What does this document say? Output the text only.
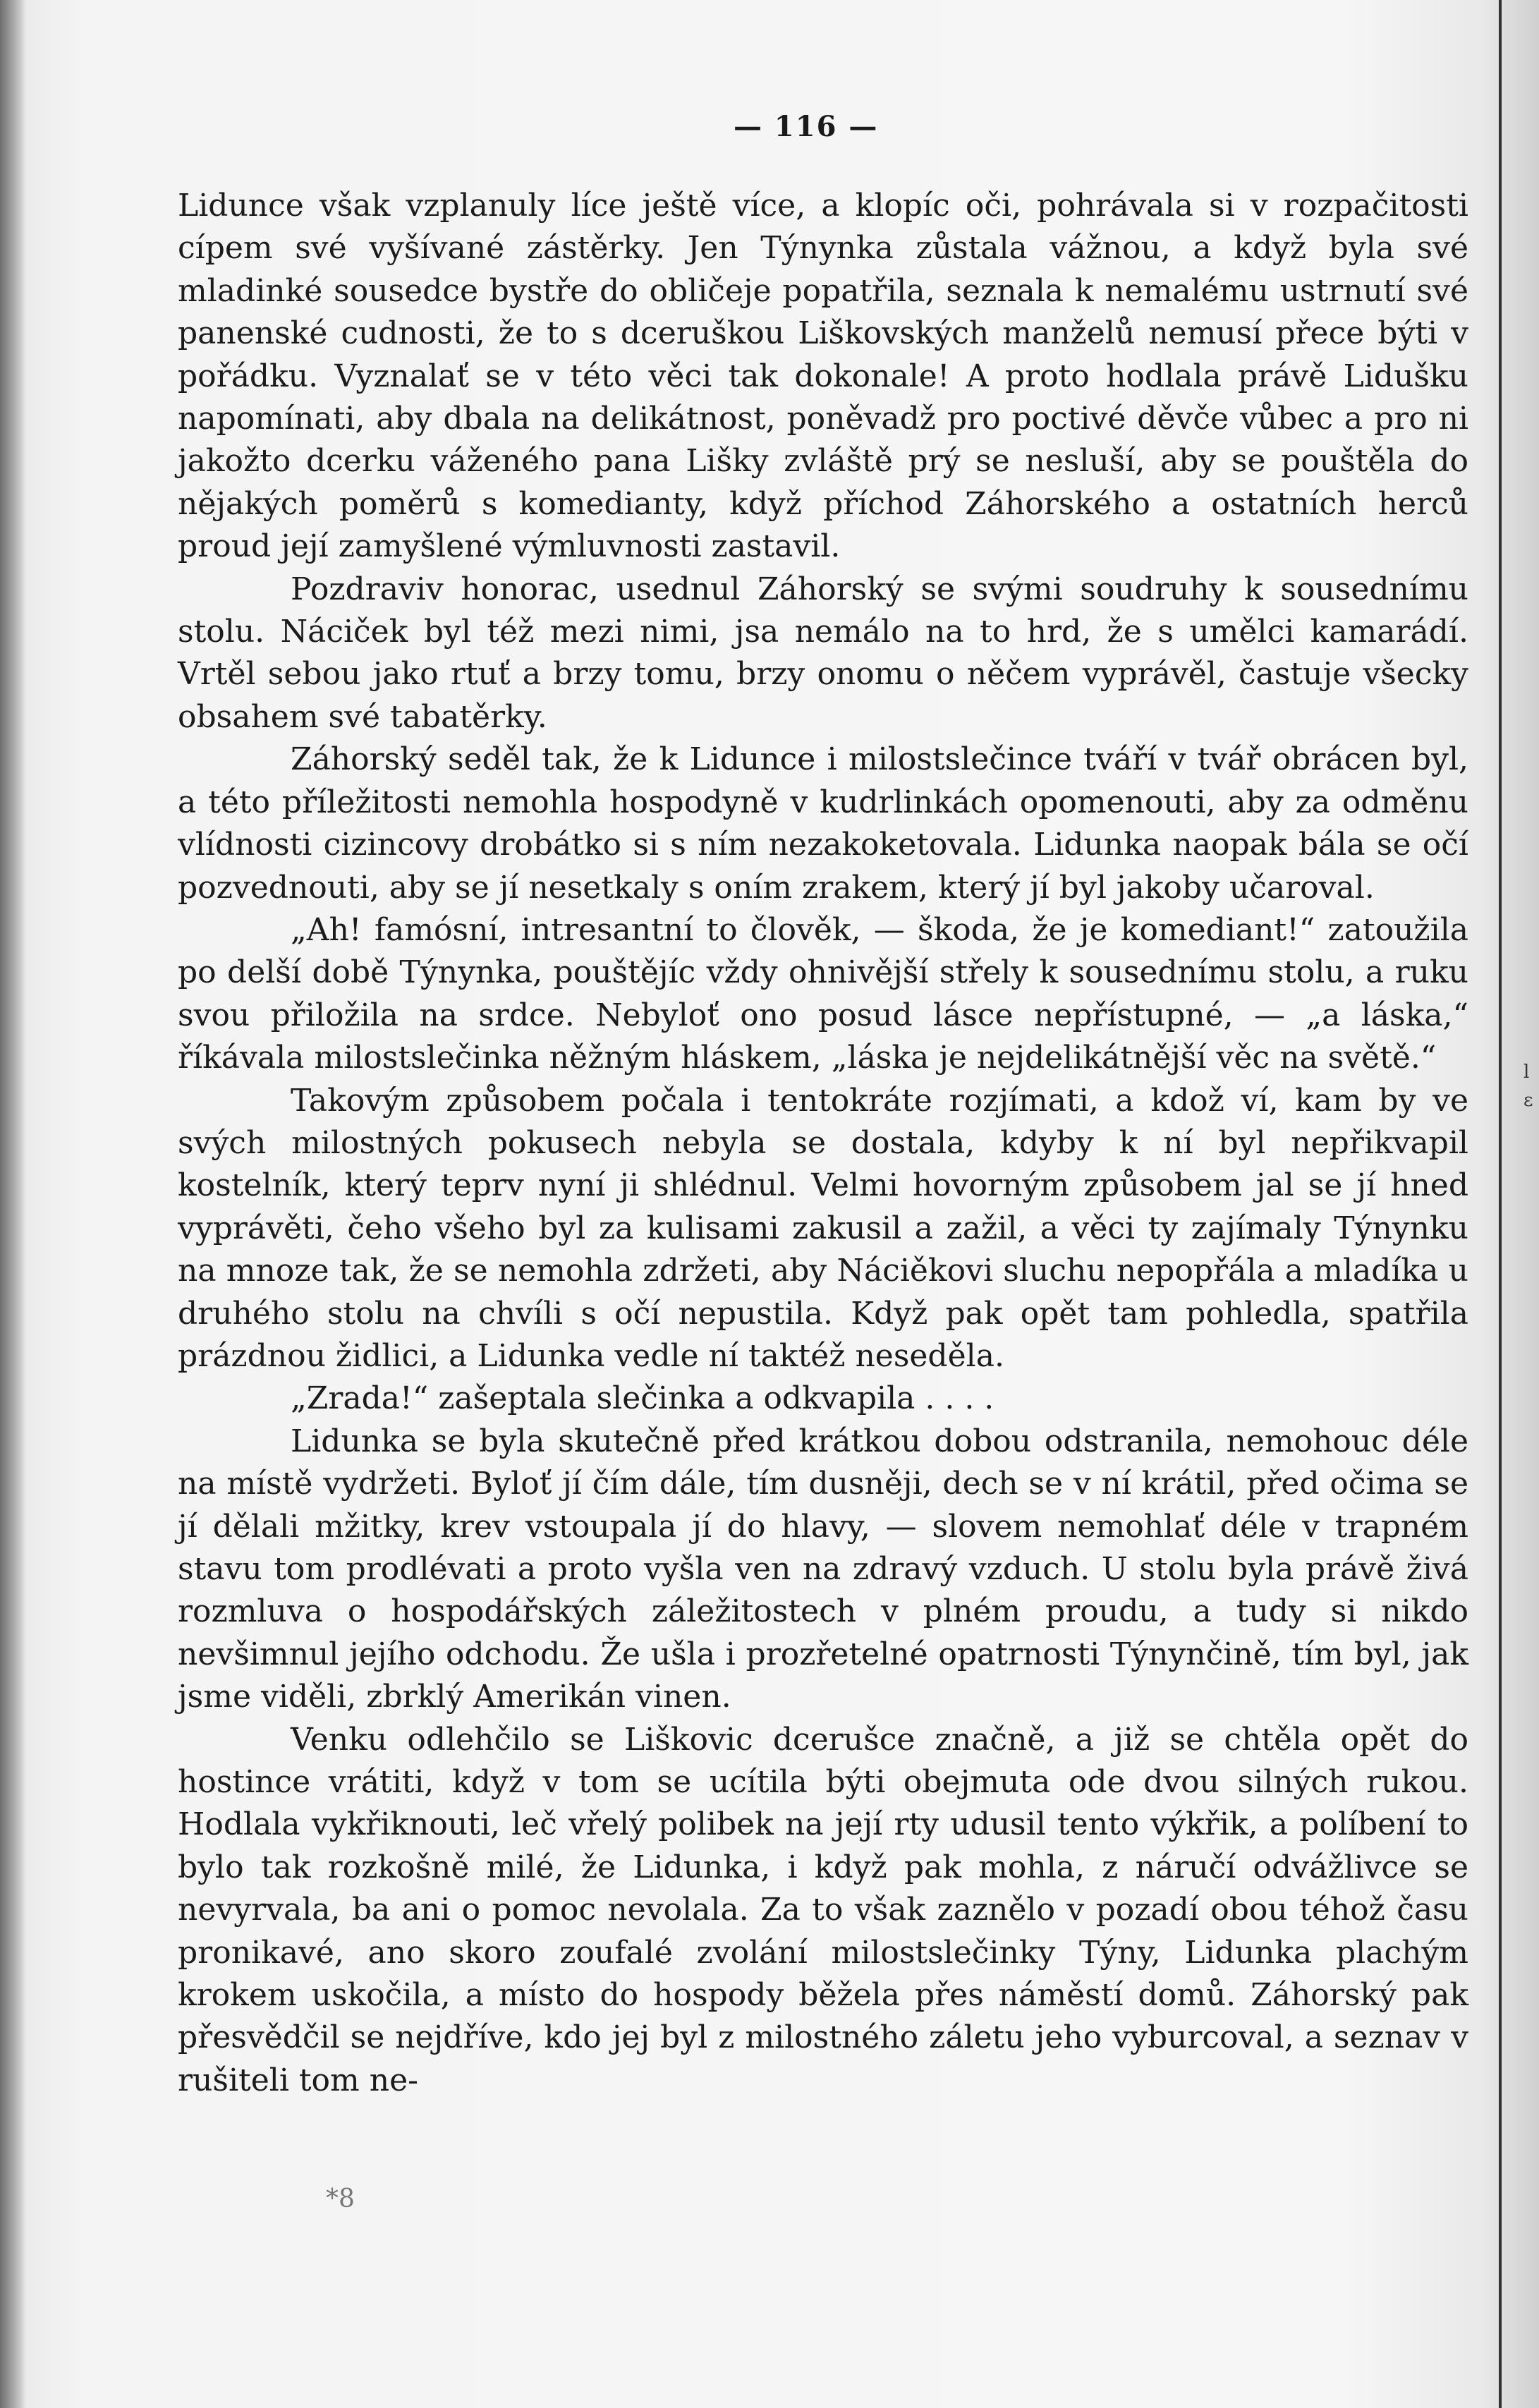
— 116 —

Lidunce však vzplanuly líce ještě více, a klopíc oči, pohrávala si v rozpačitosti cípem své vyšívané zástěrky. Jen Týnynka zůstala vážnou, a když byla své mladinké sousedce bystře do obličeje popatřila, seznala k nemalému ustrnutí své panenské cudnosti, že to s dceruškou Liškovských manželů nemusí přece býti v pořádku. Vyznalať se v této věci tak dokonale! A proto hodlala právě Lidušku napomínati, aby dbala na delikátnost, poněvadž pro poctivé děvče vůbec a pro ni jakožto dcerku váženého pana Lišky zvláště prý se nesluší, aby se pouštěla do nějakých poměrů s komedianty, když příchod Záhorského a ostatních herců proud její zamyšlené výmluvnosti zastavil.

Pozdraviv honorac, usednul Záhorský se svými soudruhy k sousednímu stolu. Náciček byl též mezi nimi, jsa nemálo na to hrd, že s umělci kamarádí. Vrtěl sebou jako rtuť a brzy tomu, brzy onomu o něčem vyprávěl, častuje všecky obsahem své tabatěrky.

Záhorský seděl tak, že k Lidunce i milostslečince tváří v tvář obrácen byl, a této příležitosti nemohla hospodyně v kudrlinkách opomenouti, aby za odměnu vlídnosti cizincovy drobátko si s ním nezakoketovala. Lidunka naopak bála se očí pozvednouti, aby se jí nesetkaly s oním zrakem, který jí byl jakoby učaroval.

„Ah! famósní, intresantní to člověk, — škoda, že je komediant!“ zatoužila po delší době Týnynka, pouštějíc vždy ohnivější střely k sousednímu stolu, a ruku svou přiložila na srdce. Nebyloť ono posud lásce nepřístupné, — „a láska,“ říkávala milostslečinka něžným hláskem, „láska je nejdelikátnější věc na světě.“

Takovým způsobem počala i tentokráte rozjímati, a kdož ví, kam by ve svých milostných pokusech nebyla se dostala, kdyby k ní byl nepřikvapil kostelník, který teprv nyní ji shlédnul. Velmi hovorným způsobem jal se jí hned vyprávěti, čeho všeho byl za kulisami zakusil a zažil, a věci ty zajímaly Týnynku na mnoze tak, že se nemohla zdržeti, aby Náciěkovi sluchu nepopřála a mladíka u druhého stolu na chvíli s očí nepustila. Když pak opět tam pohledla, spatřila prázdnou židlici, a Lidunka vedle ní taktéž neseděla.

„Zrada!“ zašeptala slečinka a odkvapila . . . .

Lidunka se byla skutečně před krátkou dobou odstranila, nemohouc déle na místě vydržeti. Byloť jí čím dále, tím dusněji, dech se v ní krátil, před očima se jí dělali mžitky, krev vstoupala jí do hlavy, — slovem nemohlať déle v trapném stavu tom prodlévati a proto vyšla ven na zdravý vzduch. U stolu byla právě živá rozmluva o hospodářských záležitostech v plném proudu, a tudy si nikdo nevšimnul jejího odchodu. Že ušla i prozřetelné opatrnosti Týnynčině, tím byl, jak jsme viděli, zbrklý Amerikán vinen.

Venku odlehčilo se Liškovic dcerušce značně, a již se chtěla opět do hostince vrátiti, když v tom se ucítila býti obejmuta ode dvou silných rukou. Hodlala vykřiknouti, leč vřelý polibek na její rty udusil tento výkřik, a políbení to bylo tak rozkošně milé, že Lidunka, i když pak mohla, z náručí odvážlivce se nevyrvala, ba ani o pomoc nevolala. Za to však zaznělo v pozadí obou téhož času pronikavé, ano skoro zoufalé zvolání milostslečinky Týny, Lidunka plachým krokem uskočila, a místo do hospody běžela přes náměstí domů. Záhorský pak přesvědčil se nejdříve, kdo jej byl z milostného záletu jeho vyburcoval, a seznav v rušiteli tom ne-

*8
l ε
